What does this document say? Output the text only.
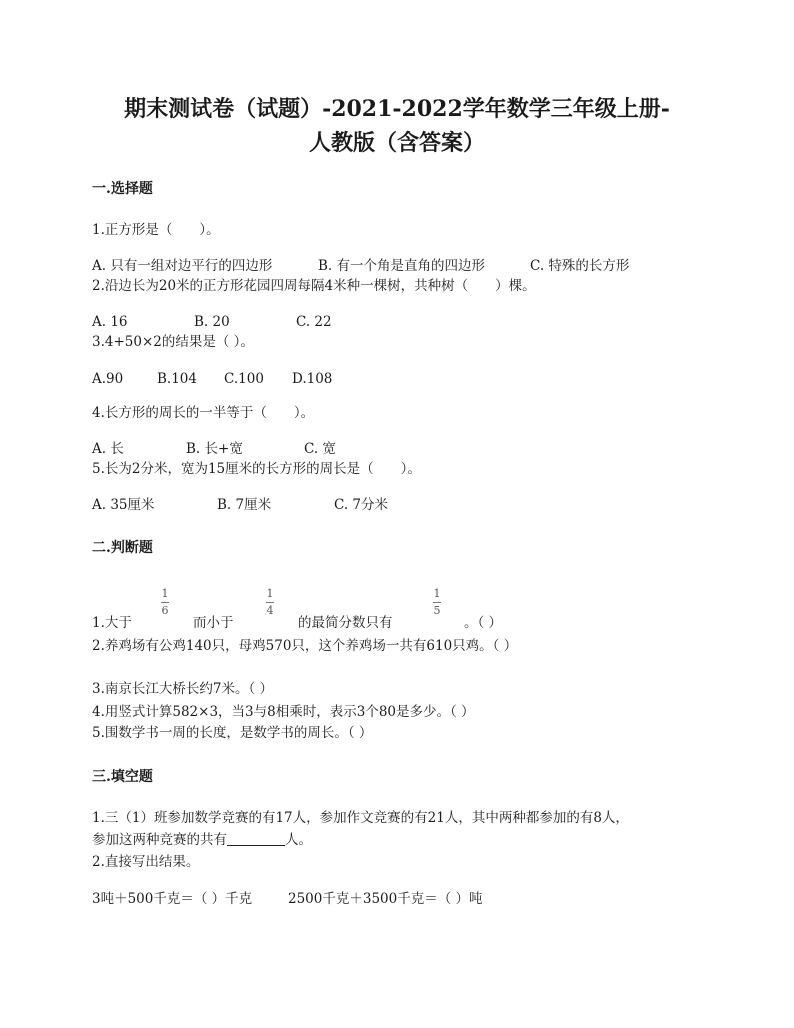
期末测试卷（试题）-2021-2022学年数学三年级上册-
人教版（含答案）
一.选择题
1.正方形是（　　）。
A. 只有一组对边平行的四边形	B. 有一个角是直角的四边形	C. 特殊的长方形
2.沿边长为20米的正方形花园四周每隔4米种一棵树，共种树（　　）棵。
A. 16	B. 20	C. 22
3.4+50×2的结果是（ ）。
A.90	B.104 C.100 D.108
4.长方形的周长的一半等于（　　）。
A. 长	B. 长+宽	C. 宽
5.长为2分米，宽为15厘米的长方形的周长是（　　）。
A. 35厘米	B. 7厘米	C. 7分米
二.判断题
1
6
1
4
1
5
1.大于	而小于	的最简分数只有	。（ ）
2.养鸡场有公鸡140只，母鸡570只，这个养鸡场一共有610只鸡。（ ）
3.南京长江大桥长约7米。（ ）
4.用竖式计算582×3，当3与8相乘时，表示3个80是多少。（ ）
5.围数学书一周的长度，是数学书的周长。（ ）
三.填空题
1.三（1）班参加数学竞赛的有17人，参加作文竞赛的有21人，其中两种都参加的有8人，
参加这两种竞赛的共有	人。
2.直接写出结果。
3吨＋500千克＝（ ）千克	2500千克＋3500千克＝（ ）吨
